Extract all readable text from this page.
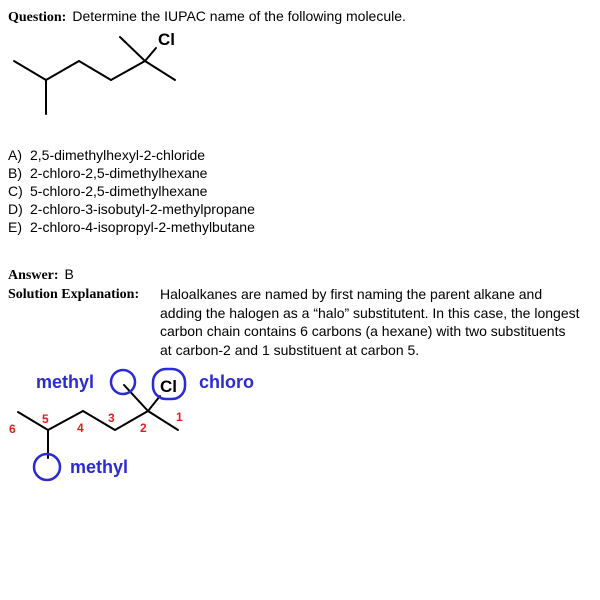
Question: Determine the IUPAC name of the following molecule.
Cl
A) 2,5-dimethylhexyl-2-chloride
B) 2-chloro-2,5-dimethylhexane
C) 5-chloro-2,5-dimethylhexane
D) 2-chloro-3-isobutyl-2-methylpropane
E) 2-chloro-4-isopropyl-2-methylbutane
Answer: B
Solution Explanation: Haloalkanes are named by first naming the parent alkane and adding the halogen as a “halo” substitutent. In this case, the longest carbon chain contains 6 carbons (a hexane) with two substituents at carbon-2 and 1 substituent at carbon 5.
Cl
methyl	chloro
methyl
1
2
3
4
5
6
